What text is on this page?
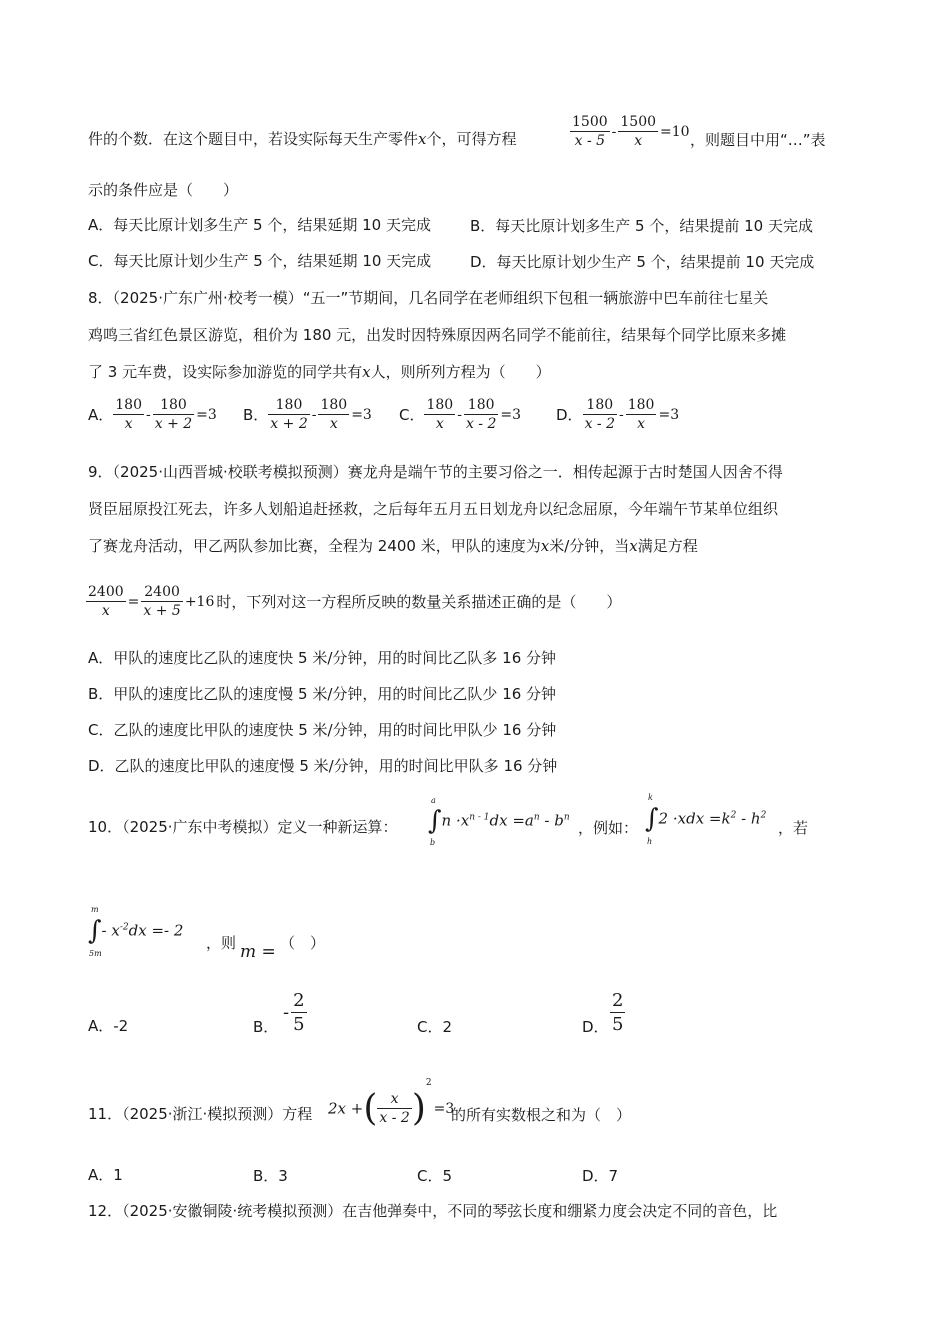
件的个数．在这个题目中，若设实际每天生产零件x个，可得方程	$\frac{1500}{x - 5} - \frac{1500}{x} =10$ ，则题目中用“…”表
示的条件应是（　　）
A．每天比原计划多生产 5 个，结果延期 10 天完成	B．每天比原计划多生产 5 个，结果提前 10 天完成
C．每天比原计划少生产 5 个，结果延期 10 天完成	D．每天比原计划少生产 5 个，结果提前 10 天完成
8．（2025·广东广州·校考一模）“五一”节期间，几名同学在老师组织下包租一辆旅游中巴车前往七星关
鸡鸣三省红色景区游览，租价为 180 元，出发时因特殊原因两名同学不能前往，结果每个同学比原来多摊
了 3 元车费，设实际参加游览的同学共有x人，则所列方程为（　　）
A． $\frac{180}{x} - \frac{180}{x + 2} =3$ B． $\frac{180}{x + 2} - \frac{180}{x} =3$ C． $\frac{180}{x} - \frac{180}{x - 2} =3$ D． $\frac{180}{x - 2} - \frac{180}{x} =3$
9．（2025·山西晋城·校联考模拟预测）赛龙舟是端午节的主要习俗之一．相传起源于古时楚国人因舍不得
贤臣屈原投江死去，许多人划船追赶拯救，之后每年五月五日划龙舟以纪念屈原，今年端午节某单位组织
了赛龙舟活动，甲乙两队参加比赛，全程为 2400 米，甲队的速度为x米/分钟，当x满足方程
$\frac{2400}{x} = \frac{2400}{x + 5} +16$ 时，下列对这一方程所反映的数量关系描述正确的是（　　）
A．甲队的速度比乙队的速度快 5 米/分钟，用的时间比乙队多 16 分钟
B．甲队的速度比乙队的速度慢 5 米/分钟，用的时间比乙队少 16 分钟
C．乙队的速度比甲队的速度快 5 米/分钟，用的时间比甲队少 16 分钟
D．乙队的速度比甲队的速度慢 5 米/分钟，用的时间比甲队多 16 分钟
10．（2025·广东中考模拟）定义一种新运算：
a
b
$\int n \cdot x^{n - 1}dx =a^n - b^n$
，例如：
k
h
$\int 2 \cdot xdx =k^2 - h^2$
，若
m
5m
∫- $x^{-2}dx =- 2$
，则 m = （　）
A．-2	B．
- $\frac{2}{5}$	C．2	D． $\frac{2}{5}$
11．（2025·浙江·模拟预测）方程 2x +( $\frac{x}{x - 2} )^2=3$
的所有实数根之和为（　）
A．1	B．3	C．5	D．7
12．（2025·安徽铜陵·统考模拟预测）在吉他弹奏中，不同的琴弦长度和绷紧力度会决定不同的音色，比
